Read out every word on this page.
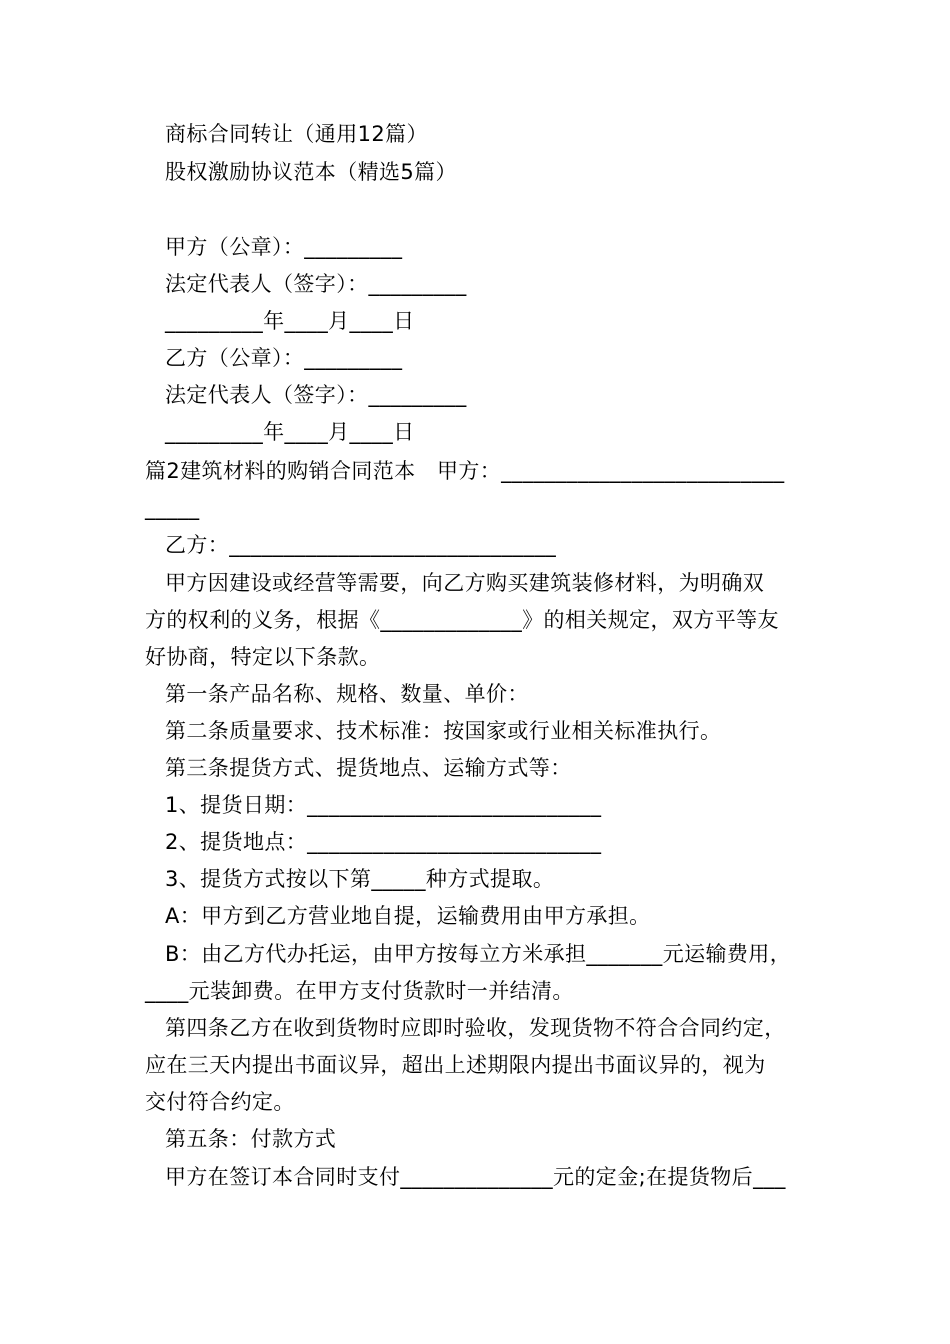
商标合同转让（通用12篇）
股权激励协议范本（精选5篇）
甲方（公章）：_________
法定代表人（签字）：_________
_________年____月____日
乙方（公章）：_________
法定代表人（签字）：_________
_________年____月____日
篇2建筑材料的购销合同范本　甲方：__________________________
_____
乙方：______________________________
甲方因建设或经营等需要，向乙方购买建筑装修材料，为明确双
方的权利的义务，根据《_____________》的相关规定，双方平等友
好协商，特定以下条款。
第一条产品名称、规格、数量、单价：
第二条质量要求、技术标准：按国家或行业相关标准执行。
第三条提货方式、提货地点、运输方式等：
1、提货日期：___________________________
2、提货地点：___________________________
3、提货方式按以下第_____种方式提取。
A：甲方到乙方营业地自提，运输费用由甲方承担。
B：由乙方代办托运，由甲方按每立方米承担_______元运输费用，
____元装卸费。在甲方支付货款时一并结清。
第四条乙方在收到货物时应即时验收，发现货物不符合合同约定，
应在三天内提出书面议异，超出上述期限内提出书面议异的，视为
交付符合约定。
第五条：付款方式
甲方在签订本合同时支付______________元的定金;在提货物后___
